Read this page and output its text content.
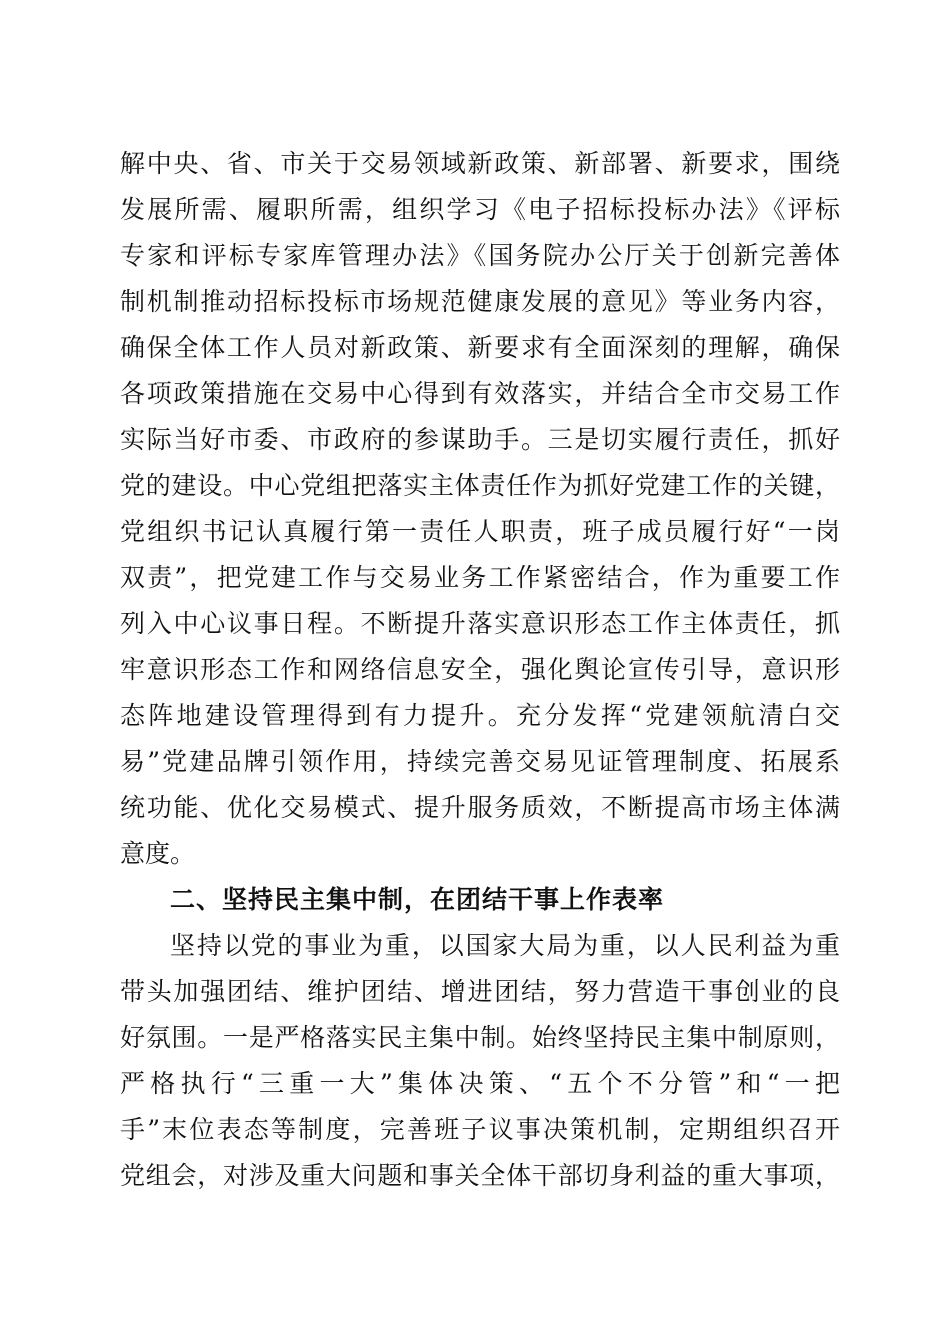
解中央、省、市关于交易领域新政策、新部署、新要求，围绕
发展所需、履职所需，组织学习《电子招标投标办法》《评标
专家和评标专家库管理办法》《国务院办公厅关于创新完善体
制机制推动招标投标市场规范健康发展的意见》等业务内容，
确保全体工作人员对新政策、新要求有全面深刻的理解，确保
各项政策措施在交易中心得到有效落实，并结合全市交易工作
实际当好市委、市政府的参谋助手。三是切实履行责任，抓好
党的建设。中心党组把落实主体责任作为抓好党建工作的关键，
党组织书记认真履行第一责任人职责，班子成员履行好“一岗
双责”，把党建工作与交易业务工作紧密结合，作为重要工作
列入中心议事日程。不断提升落实意识形态工作主体责任，抓
牢意识形态工作和网络信息安全，强化舆论宣传引导，意识形
态阵地建设管理得到有力提升。充分发挥“党建领航清白交
易”党建品牌引领作用，持续完善交易见证管理制度、拓展系
统功能、优化交易模式、提升服务质效，不断提高市场主体满
意度。
二、坚持民主集中制，在团结干事上作表率
坚持以党的事业为重，以国家大局为重，以人民利益为重
带头加强团结、维护团结、增进团结，努力营造干事创业的良
好氛围。一是严格落实民主集中制。始终坚持民主集中制原则，
严格执行“三重一大”集体决策、“五个不分管”和“一把
手”末位表态等制度，完善班子议事决策机制，定期组织召开
党组会，对涉及重大问题和事关全体干部切身利益的重大事项，
